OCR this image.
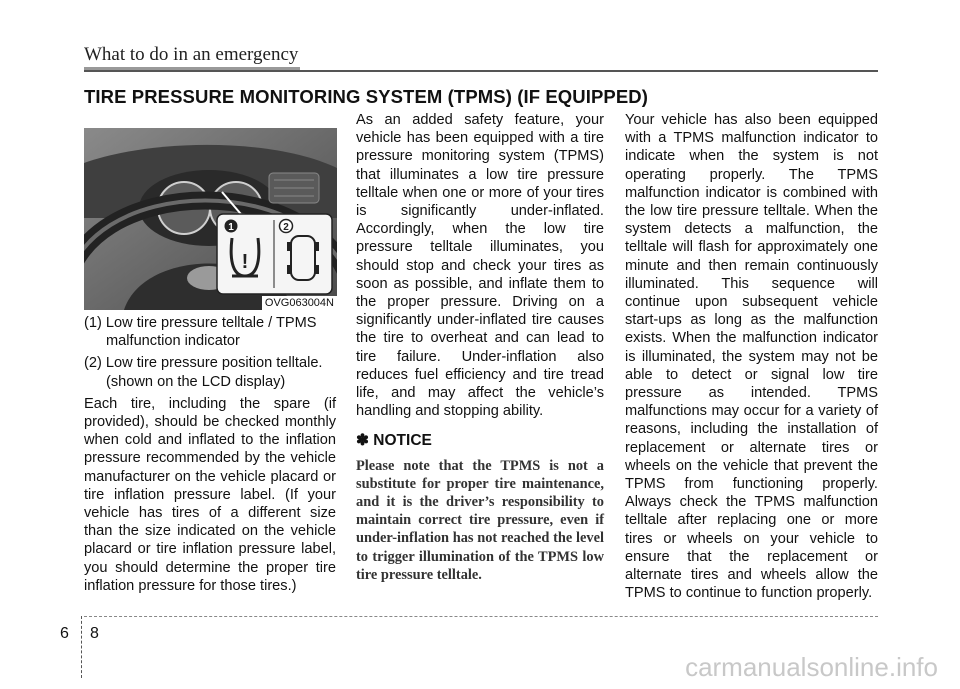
What to do in an emergency
TIRE PRESSURE MONITORING SYSTEM (TPMS) (IF EQUIPPED)
!
1	2
OVG063004N

(1) Low tire pressure telltale / TPMS malfunction indicator

(2) Low tire pressure position telltale. (shown on the LCD display)

Each tire, including the spare (if provided), should be checked monthly when cold and inflated to the inflation pressure recommended by the vehicle manufacturer on the vehicle placard or tire inflation pressure label. (If your vehicle has tires of a different size than the size indicated on the vehicle placard or tire inflation pressure label, you should determine the proper tire inflation pressure for those tires.)

As an added safety feature, your vehicle has been equipped with a tire pressure monitoring system (TPMS) that illuminates a low tire pressure telltale when one or more of your tires is significantly under-inflated. Accordingly, when the low tire pressure telltale illuminates, you should stop and check your tires as soon as possible, and inflate them to the proper pressure. Driving on a significantly under-inflated tire causes the tire to overheat and can lead to tire failure. Under-inflation also reduces fuel efficiency and tire tread life, and may affect the vehicle’s handling and stopping ability.

✽ NOTICE

Please note that the TPMS is not a substitute for proper tire maintenance, and it is the driver’s responsibility to maintain correct tire pressure, even if under-inflation has not reached the level to trigger illumination of the TPMS low tire pressure telltale.

Your vehicle has also been equipped with a TPMS malfunction indicator to indicate when the system is not operating properly. The TPMS malfunction indicator is combined with the low tire pressure telltale. When the system detects a malfunction, the telltale will flash for approximately one minute and then remain continuously illuminated. This sequence will continue upon subsequent vehicle start-ups as long as the malfunction exists. When the malfunction indicator is illuminated, the system may not be able to detect or signal low tire pressure as intended. TPMS malfunctions may occur for a variety of reasons, including the installation of replacement or alternate tires or wheels on the vehicle that prevent the TPMS from functioning properly. Always check the TPMS malfunction telltale after replacing one or more tires or wheels on your vehicle to ensure that the replacement or alternate tires and wheels allow the TPMS to continue to function properly.

6 8
carmanualsonline.info
